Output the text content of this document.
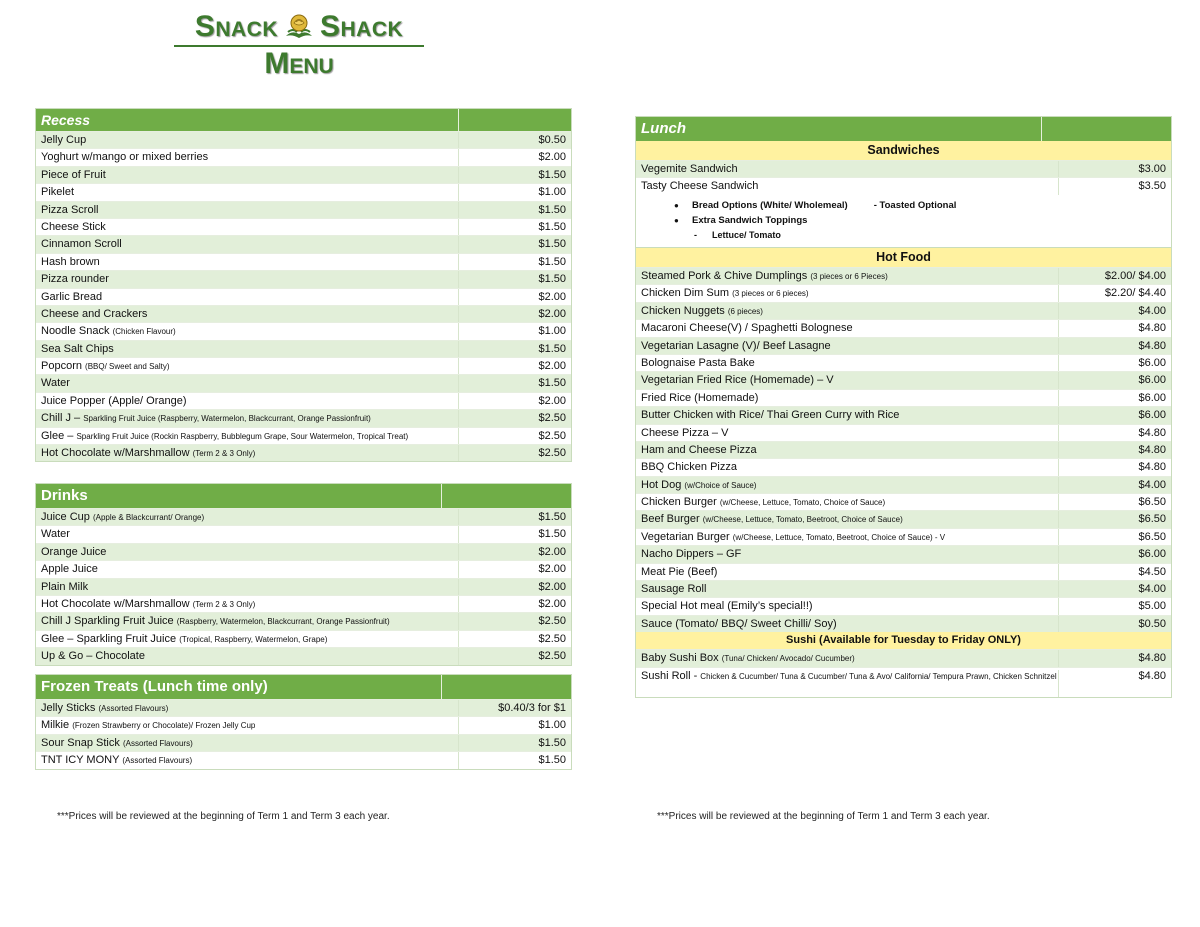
Snack Shack
Menu
Recess
Jelly Cup	$0.50
Yoghurt w/mango or mixed berries	$2.00
Piece of Fruit	$1.50
Pikelet	$1.00
Pizza Scroll	$1.50
Cheese Stick	$1.50
Cinnamon Scroll	$1.50
Hash brown	$1.50
Pizza rounder	$1.50
Garlic Bread	$2.00
Cheese and Crackers	$2.00
Noodle Snack (Chicken Flavour)	$1.00
Sea Salt Chips	$1.50
Popcorn (BBQ/ Sweet and Salty)	$2.00
Water	$1.50
Juice Popper (Apple/ Orange)	$2.00
Chill J – Sparkling Fruit Juice (Raspberry, Watermelon, Blackcurrant, Orange Passionfruit)	$2.50
Glee – Sparkling Fruit Juice (Rockin Raspberry, Bubblegum Grape, Sour Watermelon, Tropical Treat)	$2.50
Hot Chocolate w/Marshmallow (Term 2 & 3 Only)	$2.50
Drinks
Juice Cup (Apple & Blackcurrant/ Orange)	$1.50
Water	$1.50
Orange Juice	$2.00
Apple Juice	$2.00
Plain Milk	$2.00
Hot Chocolate w/Marshmallow (Term 2 & 3 Only)	$2.00
Chill J Sparkling Fruit Juice (Raspberry, Watermelon, Blackcurrant, Orange Passionfruit)	$2.50
Glee – Sparkling Fruit Juice (Tropical, Raspberry, Watermelon, Grape)	$2.50
Up & Go – Chocolate	$2.50
Frozen Treats (Lunch time only)
Jelly Sticks (Assorted Flavours)	$0.40/3 for $1
Milkie (Frozen Strawberry or Chocolate)/ Frozen Jelly Cup	$1.00
Sour Snap Stick (Assorted Flavours)	$1.50
TNT ICY MONY (Assorted Flavours)	$1.50
Lunch
Sandwiches
Vegemite Sandwich	$3.00
Tasty Cheese Sandwich	$3.50
● Bread Options (White/ Wholemeal)	- Toasted Optional
● Extra Sandwich Toppings
- Lettuce/ Tomato
Hot Food
Steamed Pork & Chive Dumplings (3 pieces or 6 Pieces)	$2.00/ $4.00
Chicken Dim Sum (3 pieces or 6 pieces)	$2.20/ $4.40
Chicken Nuggets (6 pieces)	$4.00
Macaroni Cheese(V) / Spaghetti Bolognese	$4.80
Vegetarian Lasagne (V)/ Beef Lasagne	$4.80
Bolognaise Pasta Bake	$6.00
Vegetarian Fried Rice (Homemade) – V	$6.00
Fried Rice (Homemade)	$6.00
Butter Chicken with Rice/ Thai Green Curry with Rice	$6.00
Cheese Pizza – V	$4.80
Ham and Cheese Pizza	$4.80
BBQ Chicken Pizza	$4.80
Hot Dog (w/Choice of Sauce)	$4.00
Chicken Burger (w/Cheese, Lettuce, Tomato, Choice of Sauce)	$6.50
Beef Burger (w/Cheese, Lettuce, Tomato, Beetroot, Choice of Sauce)	$6.50
Vegetarian Burger (w/Cheese, Lettuce, Tomato, Beetroot, Choice of Sauce) - V	$6.50
Nacho Dippers – GF	$6.00
Meat Pie (Beef)	$4.50
Sausage Roll	$4.00
Special Hot meal (Emily’s special!!)	$5.00
Sauce (Tomato/ BBQ/ Sweet Chilli/ Soy)	$0.50
Sushi (Available for Tuesday to Friday ONLY)
Baby Sushi Box (Tuna/ Chicken/ Avocado/ Cucumber)	$4.80
Sushi Roll - Chicken & Cucumber/ Tuna & Cucumber/ Tuna & Avo/ California/ Tempura Prawn, Chicken Schnitzel	$4.80
***Prices will be reviewed at the beginning of Term 1 and Term 3 each year.	***Prices will be reviewed at the beginning of Term 1 and Term 3 each year.
